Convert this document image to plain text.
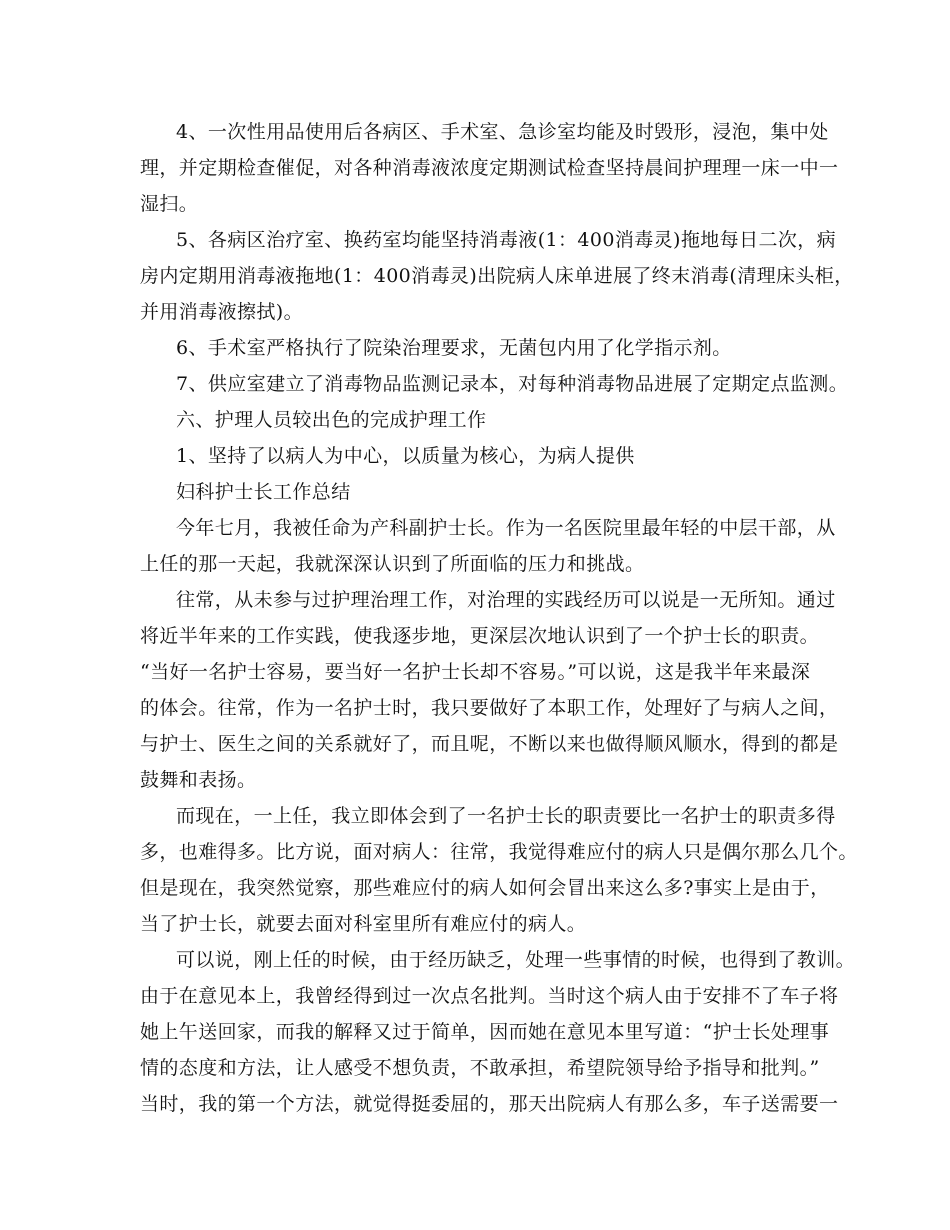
4、一次性用品使用后各病区、手术室、急诊室均能及时毁形，浸泡，集中处
理，并定期检查催促，对各种消毒液浓度定期测试检查坚持晨间护理理一床一中一
湿扫。
5、各病区治疗室、换药室均能坚持消毒液(1：400消毒灵)拖地每日二次，病
房内定期用消毒液拖地(1：400消毒灵)出院病人床单进展了终末消毒(清理床头柜，
并用消毒液擦拭)。
6、手术室严格执行了院染治理要求，无菌包内用了化学指示剂。
7、供应室建立了消毒物品监测记录本，对每种消毒物品进展了定期定点监测。
六、护理人员较出色的完成护理工作
1、坚持了以病人为中心，以质量为核心，为病人提供
妇科护士长工作总结
今年七月，我被任命为产科副护士长。作为一名医院里最年轻的中层干部，从
上任的那一天起，我就深深认识到了所面临的压力和挑战。
往常，从未参与过护理治理工作，对治理的实践经历可以说是一无所知。通过
将近半年来的工作实践，使我逐步地，更深层次地认识到了一个护士长的职责。
“当好一名护士容易，要当好一名护士长却不容易。”可以说，这是我半年来最深
的体会。往常，作为一名护士时，我只要做好了本职工作，处理好了与病人之间，
与护士、医生之间的关系就好了，而且呢，不断以来也做得顺风顺水，得到的都是
鼓舞和表扬。
而现在，一上任，我立即体会到了一名护士长的职责要比一名护士的职责多得
多，也难得多。比方说，面对病人：往常，我觉得难应付的病人只是偶尔那么几个。
但是现在，我突然觉察，那些难应付的病人如何会冒出来这么多?事实上是由于，
当了护士长，就要去面对科室里所有难应付的病人。
可以说，刚上任的时候，由于经历缺乏，处理一些事情的时候，也得到了教训。
由于在意见本上，我曾经得到过一次点名批判。当时这个病人由于安排不了车子将
她上午送回家，而我的解释又过于简单，因而她在意见本里写道：“护士长处理事
情的态度和方法，让人感受不想负责，不敢承担，希望院领导给予指导和批判。”
当时，我的第一个方法，就觉得挺委屈的，那天出院病人有那么多，车子送需要一
